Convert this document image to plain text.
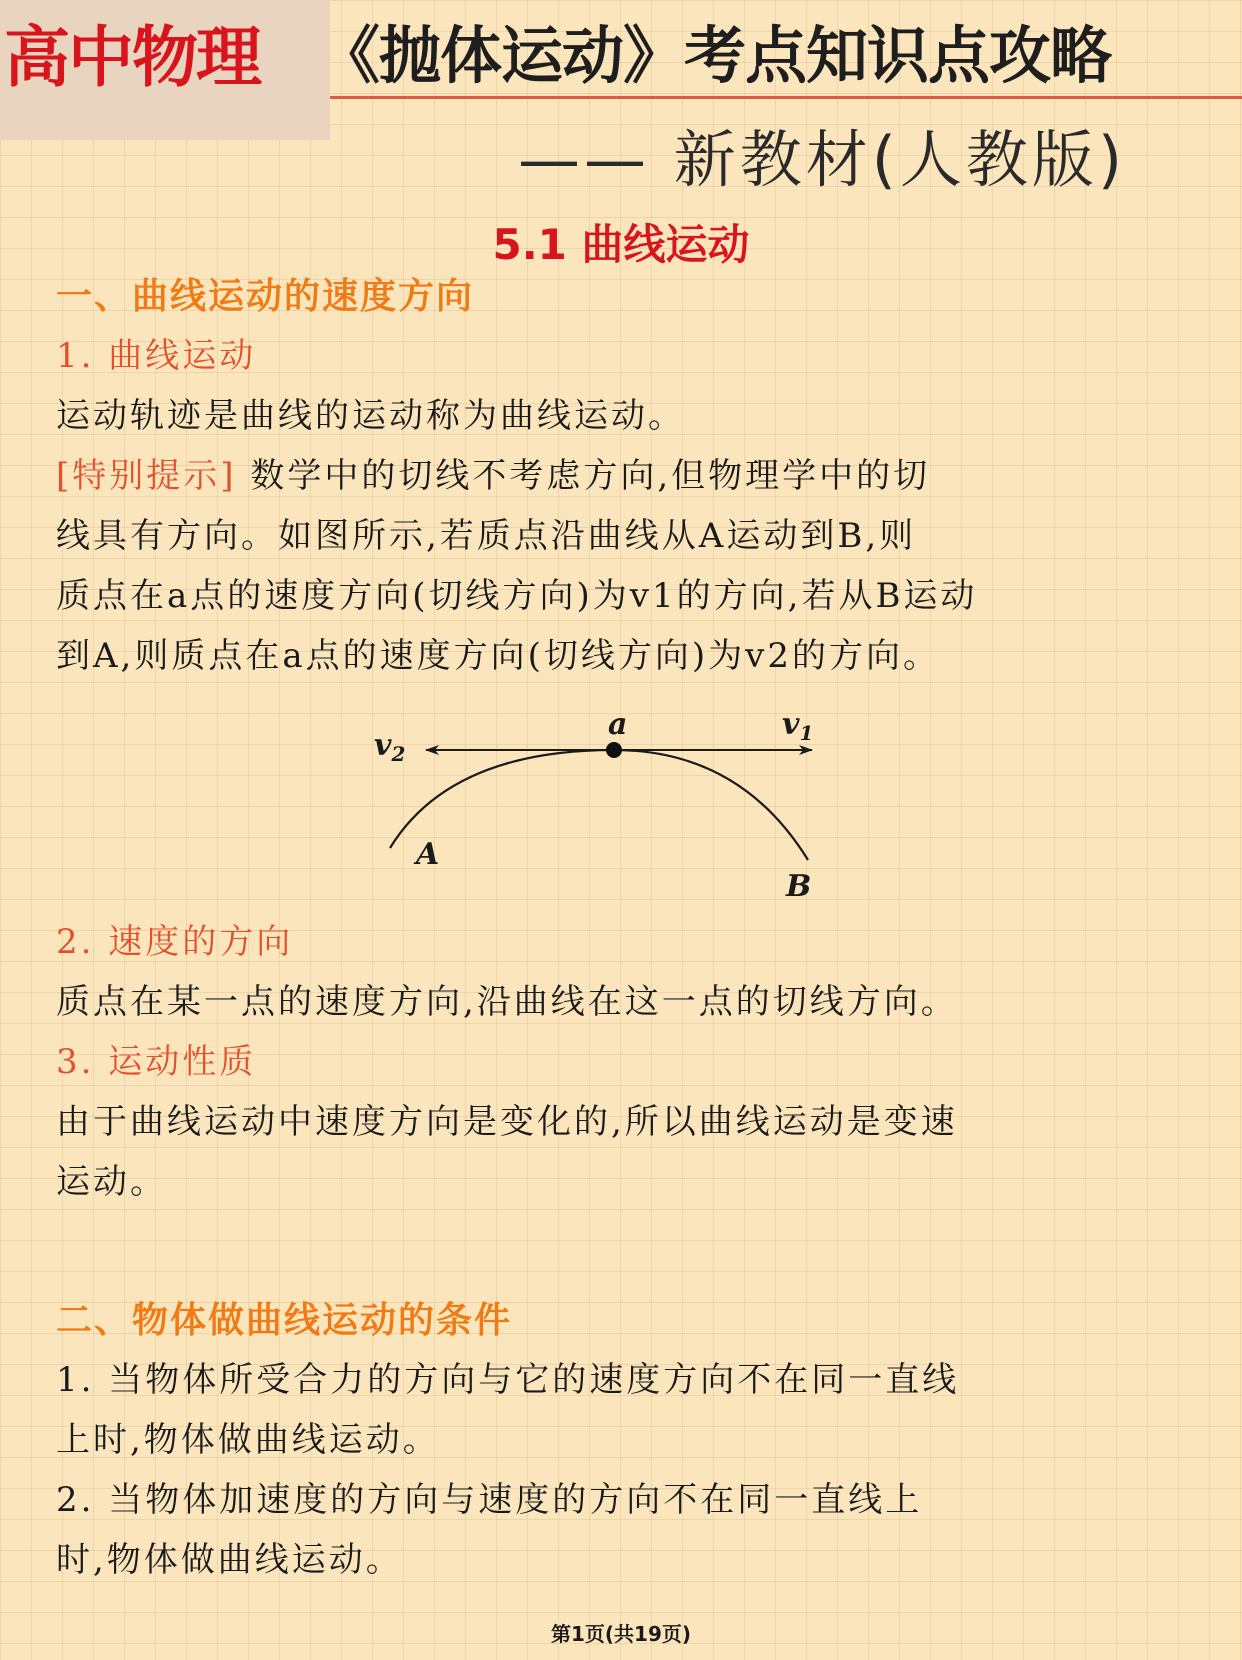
高中物理 《抛体运动》考点知识点攻略
—— 新教材(人教版)
5.1 曲线运动
一、曲线运动的速度方向
1. 曲线运动
运动轨迹是曲线的运动称为曲线运动。
[特别提示] 数学中的切线不考虑方向,但物理学中的切
线具有方向。如图所示,若质点沿曲线从A运动到B,则
质点在a点的速度方向(切线方向)为v1的方向,若从B运动
到A,则质点在a点的速度方向(切线方向)为v2的方向。
$v_2$
$v_1$
a
A
B
2. 速度的方向
质点在某一点的速度方向,沿曲线在这一点的切线方向。
3. 运动性质
由于曲线运动中速度方向是变化的,所以曲线运动是变速
运动。
二、物体做曲线运动的条件
1. 当物体所受合力的方向与它的速度方向不在同一直线
上时,物体做曲线运动。
2. 当物体加速度的方向与速度的方向不在同一直线上
时,物体做曲线运动。
第1页(共19页)
